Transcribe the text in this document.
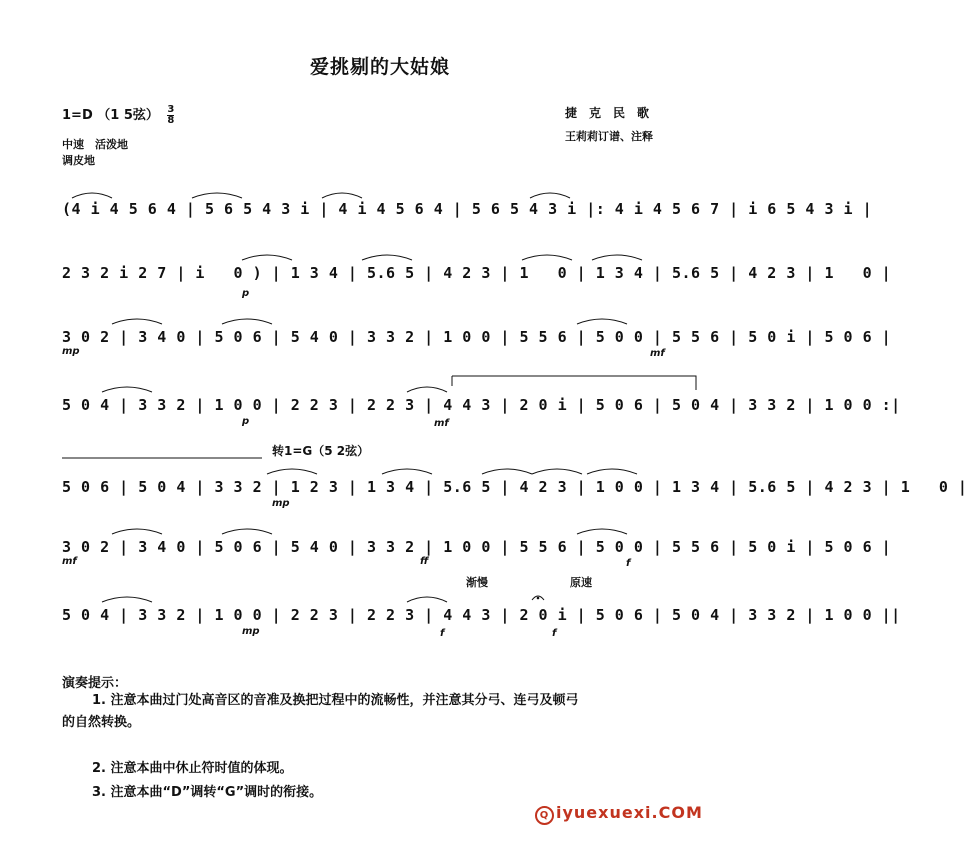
爱挑剔的大姑娘
1=D （1 5弦） $\frac{3}{8}$
中速　活泼地
调皮地
捷克民歌
王莉莉订谱、注释
(4 i 4 5 6 4 | 5 6 5 4 3 i | 4 i 4 5 6 4 | 5 6 5 4 3 i |: 4 i 4 5 6 7 | i 6 5 4 3 i |
2 3 2 i 2 7 | i   0 ) | 1 3 4 | 5.6 5 | 4 2 3 | 1   0 | 1 3 4 | 5.6 5 | 4 2 3 | 1   0 |
p
3 0 2 | 3 4 0 | 5 0 6 | 5 4 0 | 3 3 2 | 1 0 0 | 5 5 6 | 5 0 0 | 5 5 6 | 5 0 i | 5 0 6 |
mp	mf
5 0 4 | 3 3 2 | 1 0 0 | 2 2 3 | 2 2 3 | 4 4 3 | 2 0 i | 5 0 6 | 5 0 4 | 3 3 2 | 1 0 0 :|
p	mf
转1=G（5 2弦）
5 0 6 | 5 0 4 | 3 3 2 | 1 2 3 | 1 3 4 | 5.6 5 | 4 2 3 | 1 0 0 | 1 3 4 | 5.6 5 | 4 2 3 | 1   0 |
mp
3 0 2 | 3 4 0 | 5 0 6 | 5 4 0 | 3 3 2 | 1 0 0 | 5 5 6 | 5 0 0 | 5 5 6 | 5 0 i | 5 0 6 |
mf	ff	f
渐慢	原速
5 0 4 | 3 3 2 | 1 0 0 | 2 2 3 | 2 2 3 | 4 4 3 | 2 0 i | 5 0 6 | 5 0 4 | 3 3 2 | 1 0 0 ||
mp	f	f
演奏提示：
1. 注意本曲过门处高音区的音准及换把过程中的流畅性，并注意其分弓、连弓及顿弓
的自然转换。
2. 注意本曲中休止符时值的体现。
3. 注意本曲“D”调转“G”调时的衔接。
Q iyuexuexi.COM
